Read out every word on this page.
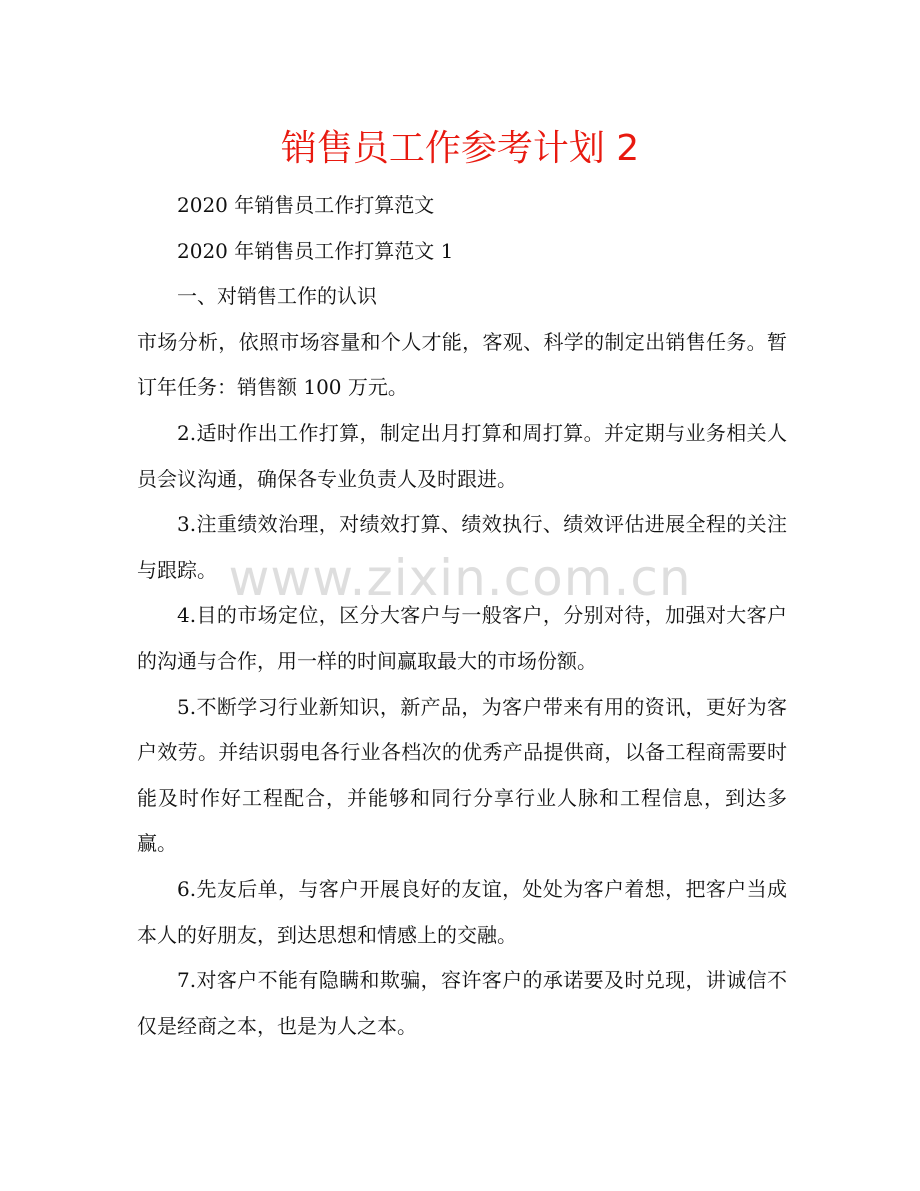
销售员工作参考计划 2

2020 年销售员工作打算范文

2020 年销售员工作打算范文 1

一、对销售工作的认识

市场分析，依照市场容量和个人才能，客观、科学的制定出销售任务。暂订年任务：销售额 100 万元。

2.适时作出工作打算，制定出月打算和周打算。并定期与业务相关人员会议沟通，确保各专业负责人及时跟进。

3.注重绩效治理，对绩效打算、绩效执行、绩效评估进展全程的关注与跟踪。

4.目的市场定位，区分大客户与一般客户，分别对待，加强对大客户的沟通与合作，用一样的时间赢取最大的市场份额。

5.不断学习行业新知识，新产品，为客户带来有用的资讯，更好为客户效劳。并结识弱电各行业各档次的优秀产品提供商，以备工程商需要时能及时作好工程配合，并能够和同行分享行业人脉和工程信息，到达多赢。

6.先友后单，与客户开展良好的友谊，处处为客户着想，把客户当成本人的好朋友，到达思想和情感上的交融。

7.对客户不能有隐瞒和欺骗，容许客户的承诺要及时兑现，讲诚信不仅是经商之本，也是为人之本。

www.zixin.com.cn
